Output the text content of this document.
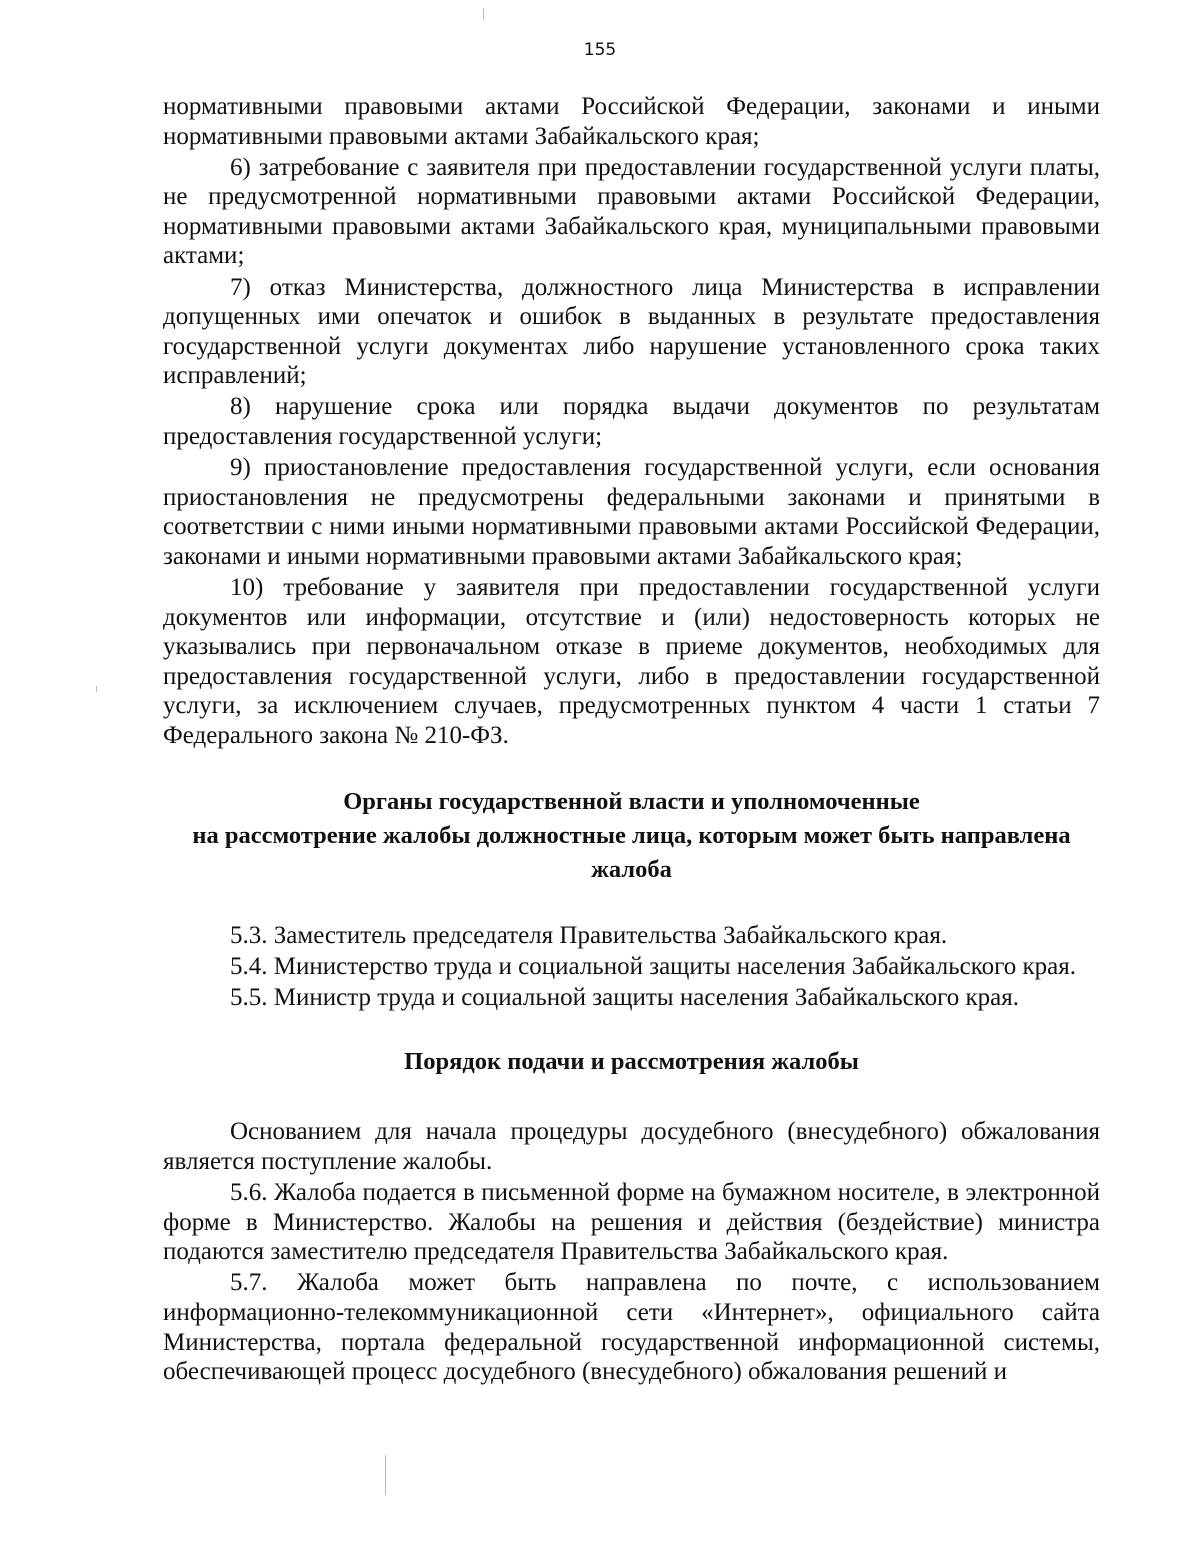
155

нормативными правовыми актами Российской Федерации, законами и иными нормативными правовыми актами Забайкальского края;

6) затребование с заявителя при предоставлении государственной услуги платы, не предусмотренной нормативными правовыми актами Российской Федерации, нормативными правовыми актами Забайкальского края, муниципальными правовыми актами;

7) отказ Министерства, должностного лица Министерства в исправлении допущенных ими опечаток и ошибок в выданных в результате предоставления государственной услуги документах либо нарушение установленного срока таких исправлений;

8) нарушение срока или порядка выдачи документов по результатам предоставления государственной услуги;

9) приостановление предоставления государственной услуги, если основания приостановления не предусмотрены федеральными законами и принятыми в соответствии с ними иными нормативными правовыми актами Российской Федерации, законами и иными нормативными правовыми актами Забайкальского края;

10) требование у заявителя при предоставлении государственной услуги документов или информации, отсутствие и (или) недостоверность которых не указывались при первоначальном отказе в приеме документов, необходимых для предоставления государственной услуги, либо в предоставлении государственной услуги, за исключением случаев, предусмотренных пунктом 4 части 1 статьи 7 Федерального закона № 210-ФЗ.

Органы государственной власти и уполномоченные
на рассмотрение жалобы должностные лица, которым может быть направлена
жалоба

5.3. Заместитель председателя Правительства Забайкальского края.

5.4. Министерство труда и социальной защиты населения Забайкальского края.

5.5. Министр труда и социальной защиты населения Забайкальского края.

Порядок подачи и рассмотрения жалобы

Основанием для начала процедуры досудебного (внесудебного) обжалования является поступление жалобы.

5.6. Жалоба подается в письменной форме на бумажном носителе, в электронной форме в Министерство. Жалобы на решения и действия (бездействие) министра подаются заместителю председателя Правительства Забайкальского края.

5.7. Жалоба может быть направлена по почте, с использованием информационно-телекоммуникационной сети «Интернет», официального сайта Министерства, портала федеральной государственной информационной системы, обеспечивающей процесс досудебного (внесудебного) обжалования решений и
